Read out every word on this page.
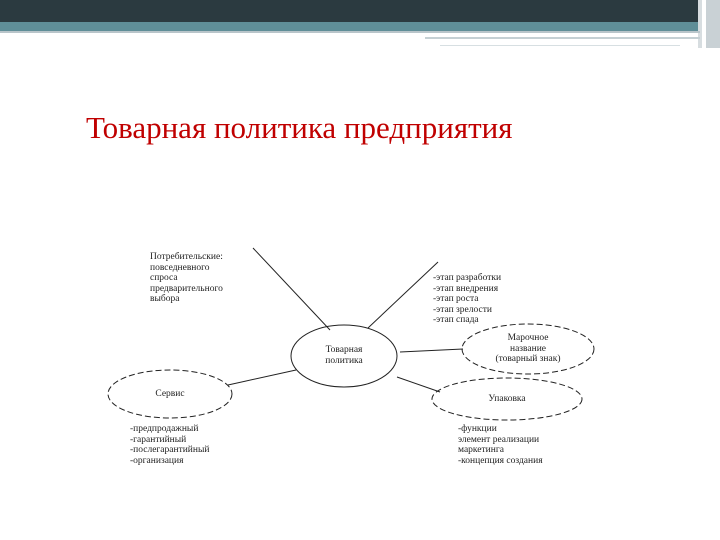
Товарная политика предприятия
Товарная
политика
Марочное
название
(товарный знак)
Сервис	Упаковка
Потребительские:
повседневного
спроса
предварительного
выбора
-этап разработки
-этап внедрения
-этап роста
-этап зрелости
-этап спада
-предпродажный
-гарантийный
-послегарантийный
-организация
-функции
элемент реализации
маркетинга
-концепция создания
